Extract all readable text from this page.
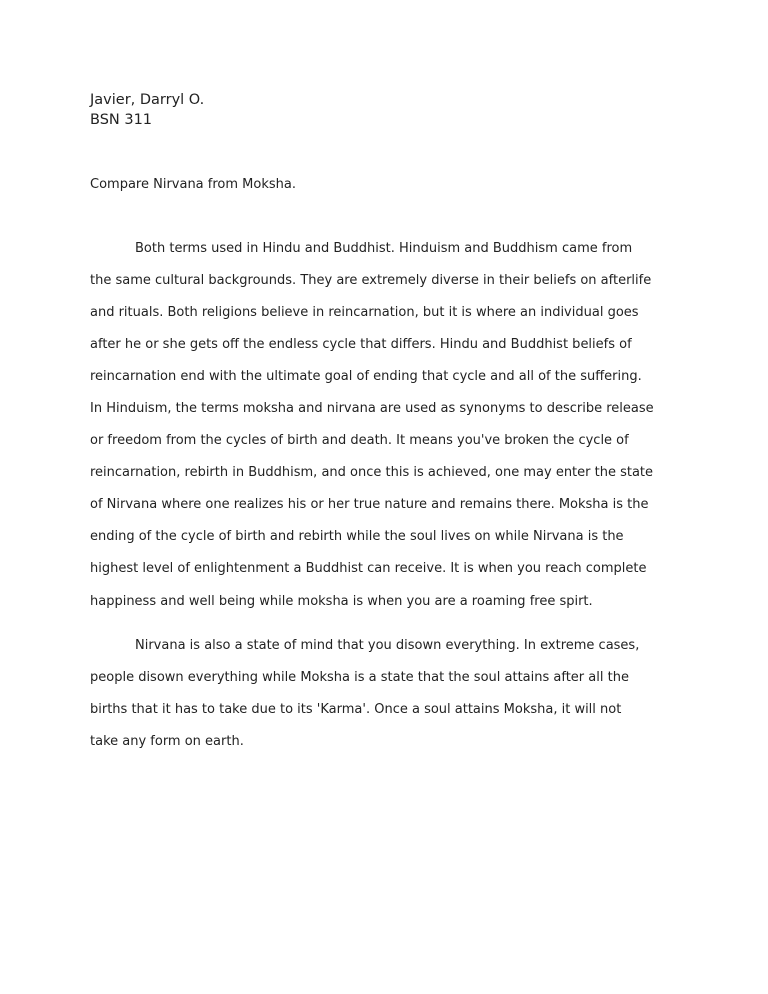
Javier, Darryl O.

BSN 311

Compare Nirvana from Moksha.

Both terms used in Hindu and Buddhist. Hinduism and Buddhism came from

the same cultural backgrounds. They are extremely diverse in their beliefs on afterlife

and rituals. Both religions believe in reincarnation, but it is where an individual goes

after he or she gets off the endless cycle that differs. Hindu and Buddhist beliefs of

reincarnation end with the ultimate goal of ending that cycle and all of the suffering.

In Hinduism, the terms moksha and nirvana are used as synonyms to describe release

or freedom from the cycles of birth and death. It means you've broken the cycle of

reincarnation, rebirth in Buddhism, and once this is achieved, one may enter the state

of Nirvana where one realizes his or her true nature and remains there. Moksha is the

ending of the cycle of birth and rebirth while the soul lives on while Nirvana is the

highest level of enlightenment a Buddhist can receive. It is when you reach complete

happiness and well being while moksha is when you are a roaming free spirt.

Nirvana is also a state of mind that you disown everything. In extreme cases,

people disown everything while Moksha is a state that the soul attains after all the

births that it has to take due to its 'Karma'. Once a soul attains Moksha, it will not

take any form on earth.
